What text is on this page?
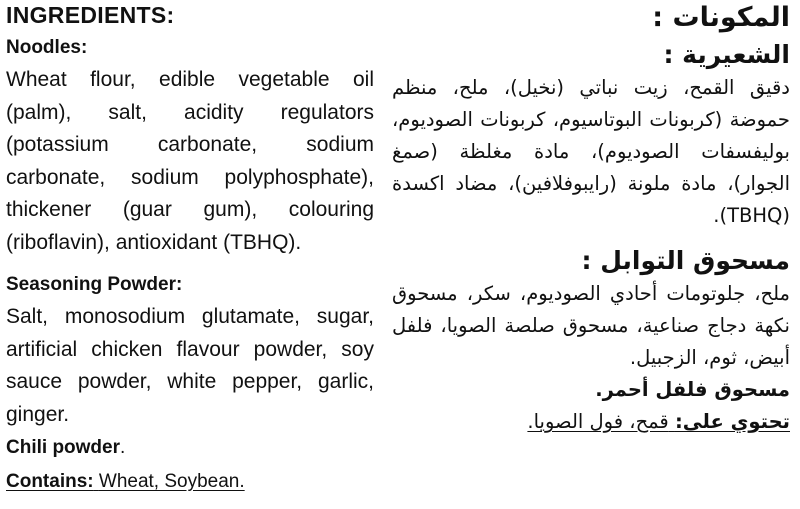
INGREDIENTS:
Noodles:

Wheat flour, edible vegetable oil (palm), salt, acidity regulators (potassium carbonate, sodium carbonate, sodium polyphosphate), thickener (guar gum), colouring (riboflavin), antioxidant (TBHQ).

Seasoning Powder:

Salt, monosodium glutamate, sugar, artificial chicken flavour powder, soy sauce powder, white pepper, garlic, ginger.

Chili powder.
Contains: Wheat, Soybean.
المكونات :
الشعيرية :

دقيق القمح، زيت نباتي (نخيل)، ملح، منظم حموضة (كربونات البوتاسيوم، كربونات الصوديوم، بوليفسفات الصوديوم)، مادة مغلظة (صمغ الجوار)، مادة ملونة (رايبوفلافين)، مضاد اكسدة (TBHQ).

مسحوق التوابل :

ملح، جلوتومات أحادي الصوديوم، سكر، مسحوق نكهة دجاج صناعية، مسحوق صلصة الصويا، فلفل أبيض، ثوم، الزجبيل.

مسحوق فلفل أحمر.

تحتوي على: قمح، فول الصويا.
